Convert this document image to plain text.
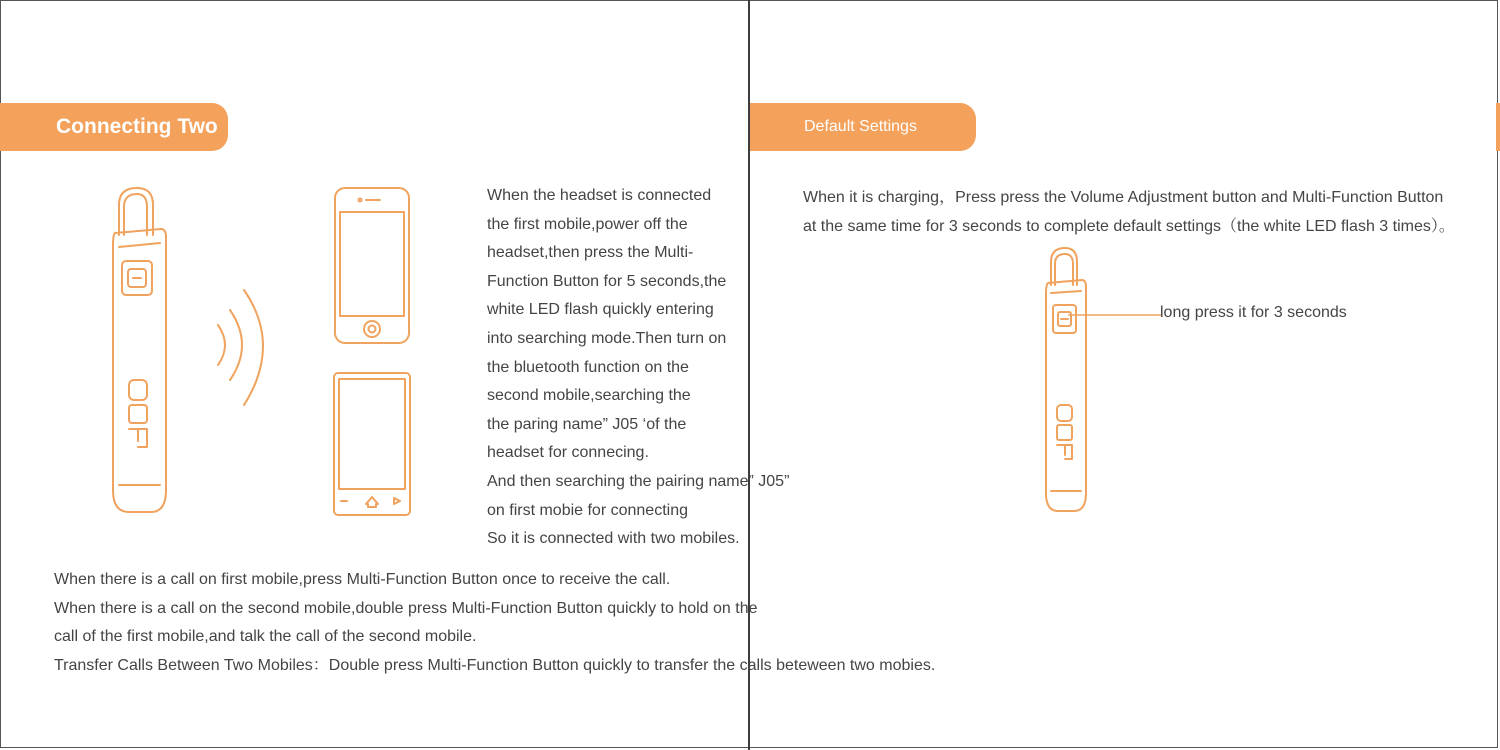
Connecting Two

When the headset is connected
the first mobile,power off the
headset,then press the Multi-
Function Button for 5 seconds,the
white LED flash quickly entering
into searching mode.Then turn on
the bluetooth function on the
second mobile,searching the
the paring name” J05 ‘of the
headset for connecing.
And then searching the pairing name” J05”
on first mobie for connecting
So it is connected with two mobiles.

When there is a call on first mobile,press Multi-Function Button once to receive the call.
When there is a call on the second mobile,double press Multi-Function Button quickly to hold on the
call of the first mobile,and talk the call of the second mobile.
Transfer Calls Between Two Mobiles：Double press Multi-Function Button quickly to transfer the calls beteween two mobies.

Default Settings

When it is charging，Press press the Volume Adjustment button and Multi-Function Button
at the same time for 3 seconds to complete default settings（the white LED flash 3 times）。

long press it for 3 seconds
